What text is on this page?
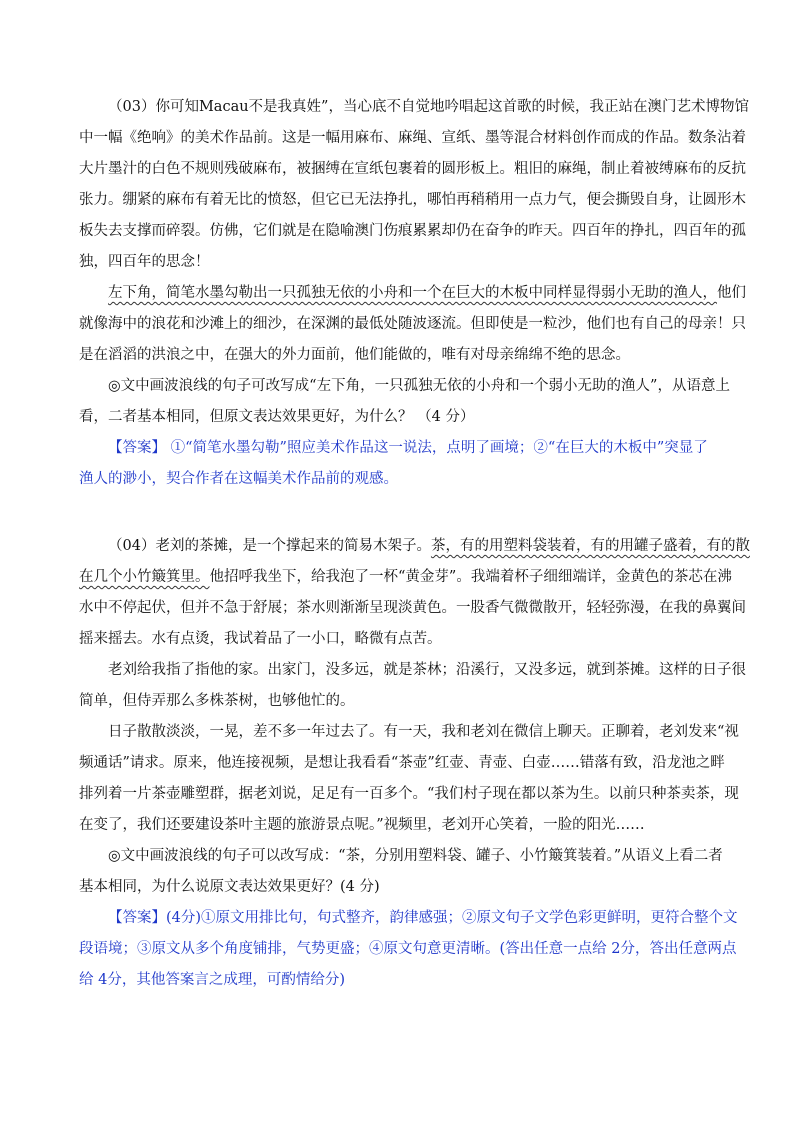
（03）你可知Macau不是我真姓”，当心底不自觉地吟唱起这首歌的时候，我正站在澳门艺术博物馆
中一幅《绝响》的美术作品前。这是一幅用麻布、麻绳、宣纸、墨等混合材料创作而成的作品。数条沾着
大片墨汁的白色不规则残破麻布，被捆缚在宣纸包裹着的圆形板上。粗旧的麻绳，制止着被缚麻布的反抗
张力。绷紧的麻布有着无比的愤怒，但它已无法挣扎，哪怕再稍稍用一点力气，便会撕毁自身，让圆形木
板失去支撑而碎裂。仿佛，它们就是在隐喻澳门伤痕累累却仍在奋争的昨天。四百年的挣扎，四百年的孤
独，四百年的思念！
左下角，简笔水墨勾勒出一只孤独无依的小舟和一个在巨大的木板中同样显得弱小无助的渔人，他们
就像海中的浪花和沙滩上的细沙，在深渊的最低处随波逐流。但即使是一粒沙，他们也有自己的母亲！只
是在滔滔的洪浪之中，在强大的外力面前，他们能做的，唯有对母亲绵绵不绝的思念。
◎文中画波浪线的句子可改写成“左下角，一只孤独无依的小舟和一个弱小无助的渔人”，从语意上
看，二者基本相同，但原文表达效果更好，为什么？ （4 分）
【答案】 ①“简笔水墨勾勒”照应美术作品这一说法，点明了画境；②“在巨大的木板中”突显了
渔人的渺小，契合作者在这幅美术作品前的观感。
（04）老刘的茶摊，是一个撑起来的简易木架子。茶，有的用塑料袋装着，有的用罐子盛着，有的散
在几个小竹簸箕里。他招呼我坐下，给我泡了一杯“黄金芽”。我端着杯子细细端详，金黄色的茶芯在沸
水中不停起伏，但并不急于舒展；茶水则渐渐呈现淡黄色。一股香气微微散开，轻轻弥漫，在我的鼻翼间
摇来摇去。水有点烫，我试着品了一小口，略微有点苦。
老刘给我指了指他的家。出家门，没多远，就是茶林；沿溪行，又没多远，就到茶摊。这样的日子很
简单，但侍弄那么多株茶树，也够他忙的。
日子散散淡淡，一晃，差不多一年过去了。有一天，我和老刘在微信上聊天。正聊着，老刘发来“视
频通话”请求。原来，他连接视频，是想让我看看“茶壶”红壶、青壶、白壶……错落有致，沿龙池之畔
排列着一片茶壶雕塑群，据老刘说，足足有一百多个。“我们村子现在都以茶为生。以前只种茶卖茶，现
在变了，我们还要建设茶叶主题的旅游景点呢。”视频里，老刘开心笑着，一脸的阳光……
◎文中画波浪线的句子可以改写成：“茶，分别用塑料袋、罐子、小竹簸箕装着。”从语义上看二者
基本相同，为什么说原文表达效果更好？(4 分)
【答案】(4分)①原文用排比句，句式整齐，韵律感强；②原文句子文学色彩更鲜明，更符合整个文
段语境；③原文从多个角度铺排，气势更盛；④原文句意更清晰。(答出任意一点给 2分，答出任意两点
给 4分，其他答案言之成理，可酌情给分)
